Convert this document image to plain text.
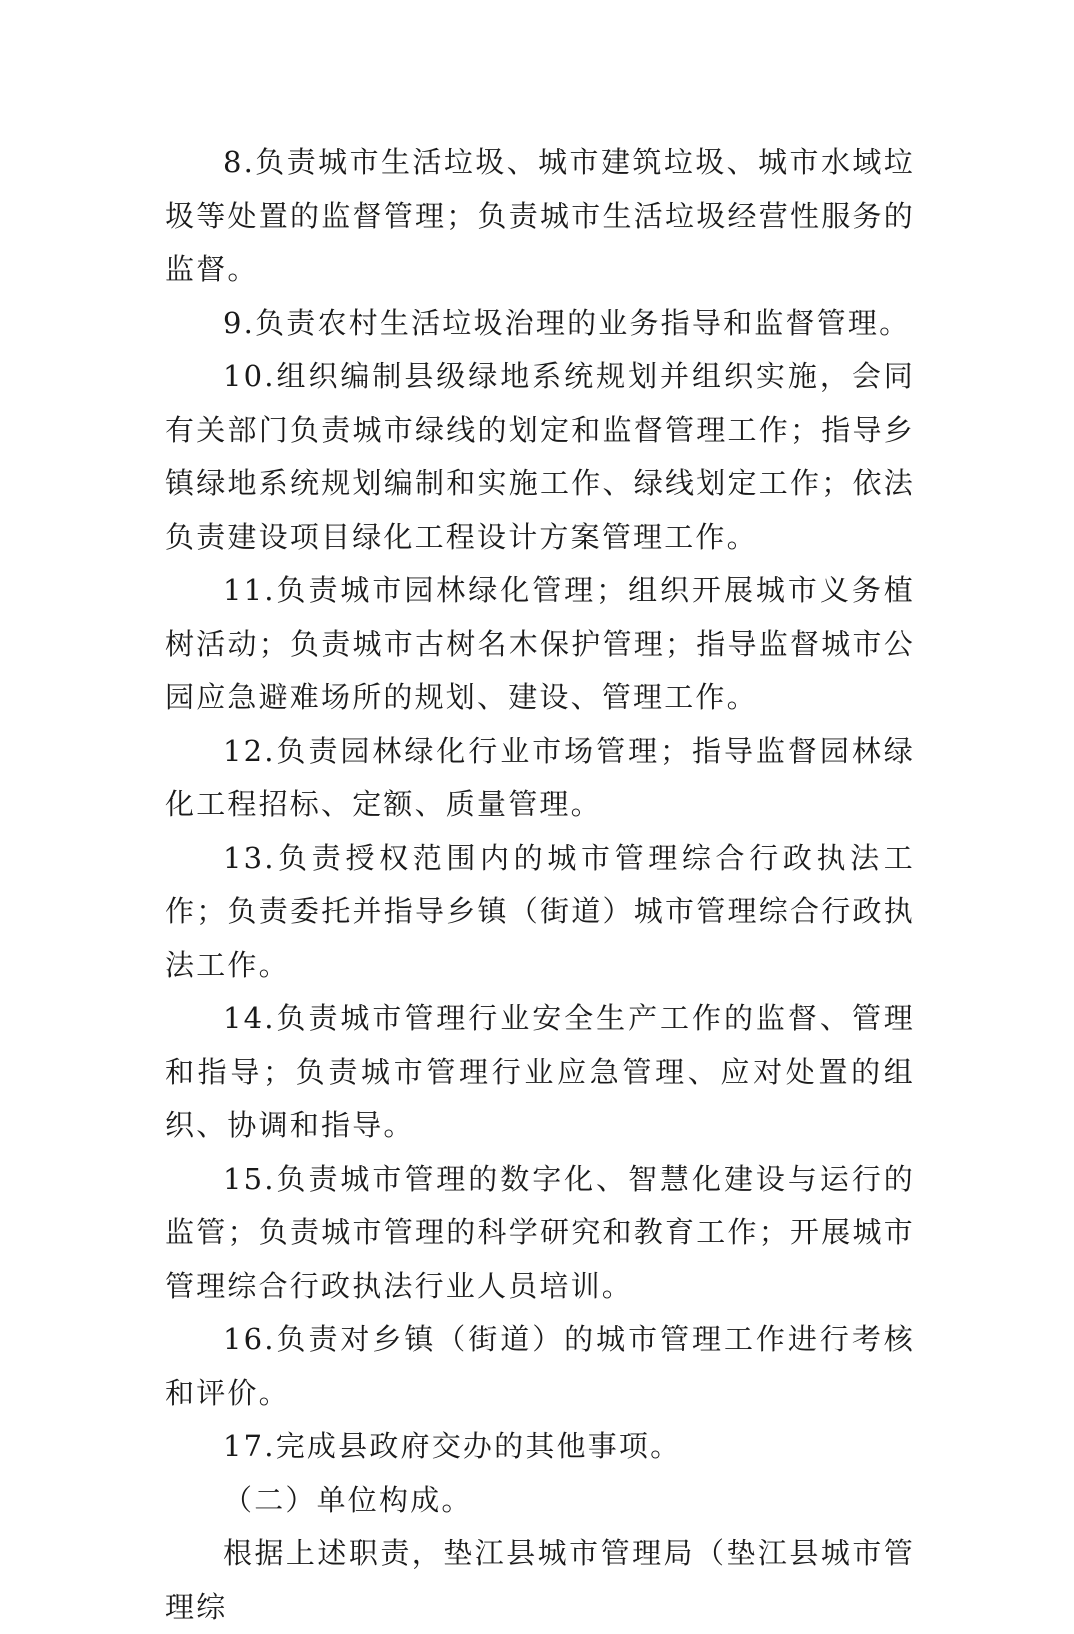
8.负责城市生活垃圾、城市建筑垃圾、城市水域垃圾等处置的监督管理；负责城市生活垃圾经营性服务的监督。

9.负责农村生活垃圾治理的业务指导和监督管理。

10.组织编制县级绿地系统规划并组织实施，会同有关部门负责城市绿线的划定和监督管理工作；指导乡镇绿地系统规划编制和实施工作、绿线划定工作；依法负责建设项目绿化工程设计方案管理工作。

11.负责城市园林绿化管理；组织开展城市义务植树活动；负责城市古树名木保护管理；指导监督城市公园应急避难场所的规划、建设、管理工作。

12.负责园林绿化行业市场管理；指导监督园林绿化工程招标、定额、质量管理。

13.负责授权范围内的城市管理综合行政执法工作；负责委托并指导乡镇（街道）城市管理综合行政执法工作。

14.负责城市管理行业安全生产工作的监督、管理和指导；负责城市管理行业应急管理、应对处置的组织、协调和指导。

15.负责城市管理的数字化、智慧化建设与运行的监管；负责城市管理的科学研究和教育工作；开展城市管理综合行政执法行业人员培训。

16.负责对乡镇（街道）的城市管理工作进行考核和评价。

17.完成县政府交办的其他事项。

（二）单位构成。

根据上述职责，垫江县城市管理局（垫江县城市管理综
